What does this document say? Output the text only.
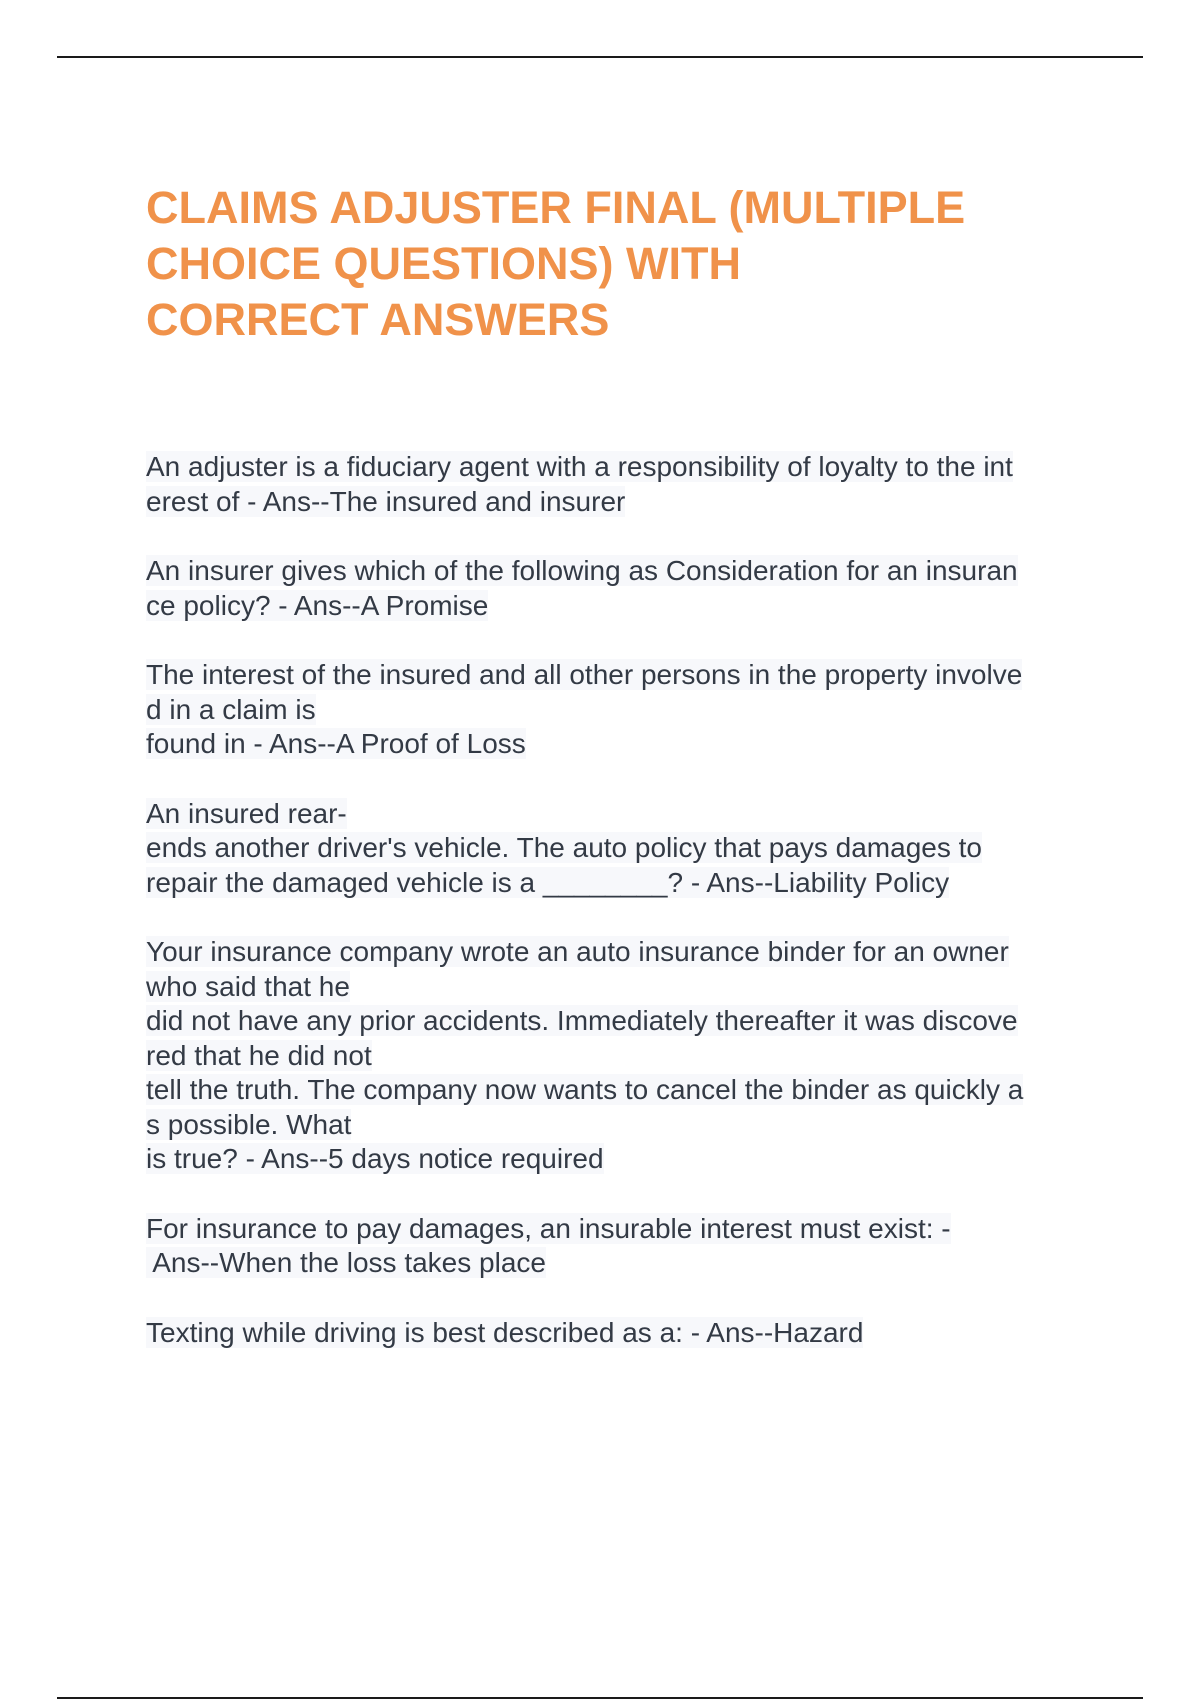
CLAIMS ADJUSTER FINAL (MULTIPLE
CHOICE QUESTIONS) WITH
CORRECT ANSWERS
An adjuster is a fiduciary agent with a responsibility of loyalty to the int
erest of - Ans--The insured and insurer
An insurer gives which of the following as Consideration for an insuran
ce policy? - Ans--A Promise
The interest of the insured and all other persons in the property involve
d in a claim is
found in - Ans--A Proof of Loss
An insured rear-
ends another driver's vehicle. The auto policy that pays damages to
repair the damaged vehicle is a ________? - Ans--Liability Policy
Your insurance company wrote an auto insurance binder for an owner
who said that he
did not have any prior accidents. Immediately thereafter it was discove
red that he did not
tell the truth. The company now wants to cancel the binder as quickly a
s possible. What
is true? - Ans--5 days notice required
For insurance to pay damages, an insurable interest must exist: -
Ans--When the loss takes place
Texting while driving is best described as a: - Ans--Hazard
